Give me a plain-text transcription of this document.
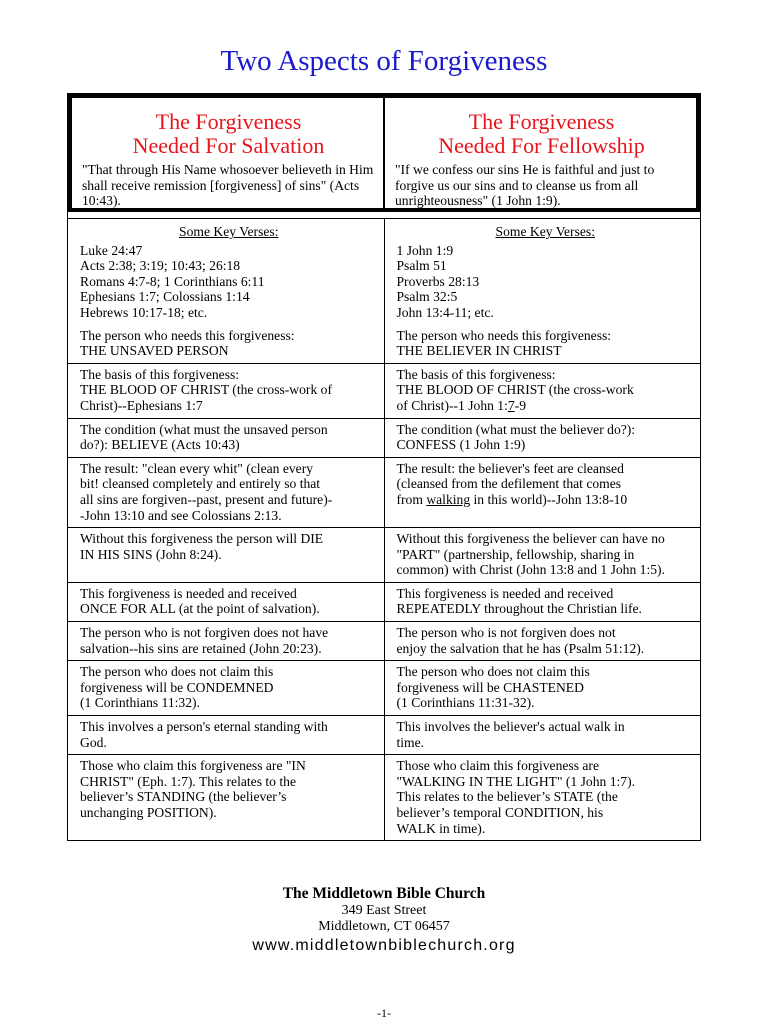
Two Aspects of Forgiveness
The Forgiveness
Needed For Salvation
"That through His Name whosoever believeth in Him shall receive remission [forgiveness] of sins" (Acts 10:43).
The Forgiveness
Needed For Fellowship
"If we confess our sins He is faithful and just to forgive us our sins and to cleanse us from all unrighteousness" (1 John 1:9).
Some Key Verses:
Luke 24:47
Acts 2:38; 3:19; 10:43; 26:18
Romans 4:7-8; 1 Corinthians 6:11
Ephesians 1:7; Colossians 1:14
Hebrews 10:17-18; etc.
Some Key Verses:
1 John 1:9
Psalm 51
Proverbs 28:13
Psalm 32:5
John 13:4-11; etc.
The person who needs this forgiveness:
THE UNSAVED PERSON
The person who needs this forgiveness:
THE BELIEVER IN CHRIST
The basis of this forgiveness:
THE BLOOD OF CHRIST (the cross-work of
Christ)--Ephesians 1:7
The basis of this forgiveness:
THE BLOOD OF CHRIST (the cross-work
of Christ)--1 John 1:7-9
The condition (what must the unsaved person
do?): BELIEVE (Acts 10:43)
The condition (what must the believer do?):
CONFESS (1 John 1:9)
The result: "clean every whit" (clean every
bit! cleansed completely and entirely so that
all sins are forgiven--past, present and future)-
-John 13:10 and see Colossians 2:13.
The result: the believer's feet are cleansed
(cleansed from the defilement that comes
from walking in this world)--John 13:8-10
Without this forgiveness the person will DIE
IN HIS SINS (John 8:24).
Without this forgiveness the believer can have no
"PART" (partnership, fellowship, sharing in
common) with Christ (John 13:8 and 1 John 1:5).
This forgiveness is needed and received
ONCE FOR ALL (at the point of salvation).
This forgiveness is needed and received
REPEATEDLY throughout the Christian life.
The person who is not forgiven does not have
salvation--his sins are retained (John 20:23).
The person who is not forgiven does not
enjoy the salvation that he has (Psalm 51:12).
The person who does not claim this
forgiveness will be CONDEMNED
(1 Corinthians 11:32).
The person who does not claim this
forgiveness will be CHASTENED
(1 Corinthians 11:31-32).
This involves a person's eternal standing with
God.
This involves the believer's actual walk in
time.
Those who claim this forgiveness are "IN
CHRIST" (Eph. 1:7). This relates to the
believer’s STANDING (the believer’s
unchanging POSITION).
Those who claim this forgiveness are
"WALKING IN THE LIGHT" (1 John 1:7).
This relates to the believer’s STATE (the
believer’s temporal CONDITION, his
WALK in time).
The Middletown Bible Church
349 East Street
Middletown, CT 06457
www.middletownbiblechurch.org
-1-
